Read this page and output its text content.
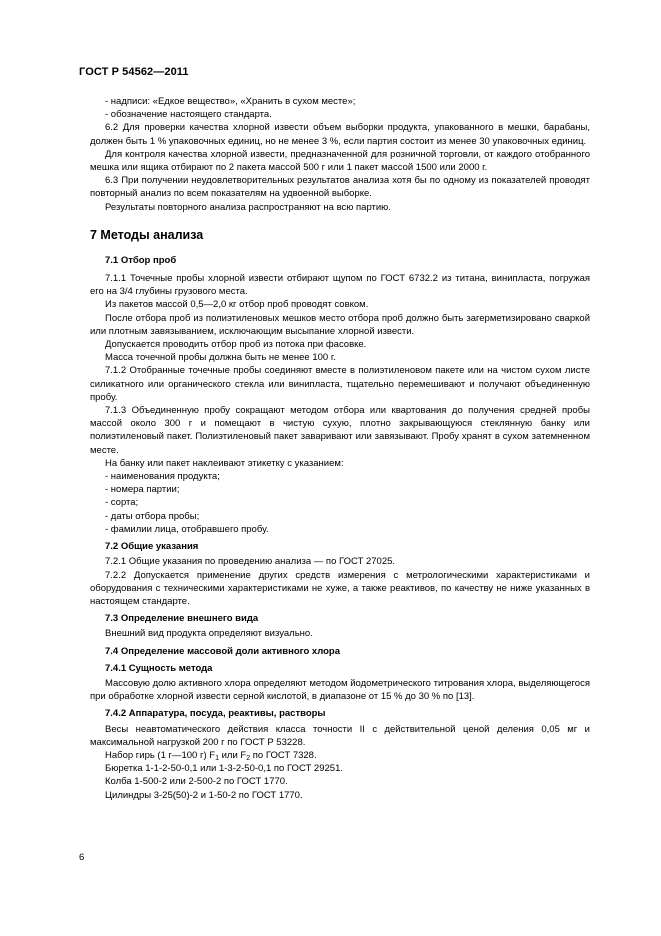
ГОСТ Р 54562—2011
- надписи: «Едкое вещество», «Хранить в сухом месте»;
- обозначение настоящего стандарта.
6.2 Для проверки качества хлорной извести объем выборки продукта, упакованного в мешки, барабаны, должен быть 1 % упаковочных единиц, но не менее 3 %, если партия состоит из менее 30 упаковочных единиц.
Для контроля качества хлорной извести, предназначенной для розничной торговли, от каждого отобранного мешка или ящика отбирают по 2 пакета массой 500 г или 1 пакет массой 1500 или 2000 г.
6.3 При получении неудовлетворительных результатов анализа хотя бы по одному из показателей проводят повторный анализ по всем показателям на удвоенной выборке.
Результаты повторного анализа распространяют на всю партию.
7 Методы анализа
7.1 Отбор проб
7.1.1 Точечные пробы хлорной извести отбирают щупом по ГОСТ 6732.2 из титана, винипласта, погружая его на 3/4 глубины грузового места.
Из пакетов массой 0,5—2,0 кг отбор проб проводят совком.
После отбора проб из полиэтиленовых мешков место отбора проб должно быть загерметизировано сваркой или плотным завязыванием, исключающим высыпание хлорной извести.
Допускается проводить отбор проб из потока при фасовке.
Масса точечной пробы должна быть не менее 100 г.
7.1.2 Отобранные точечные пробы соединяют вместе в полиэтиленовом пакете или на чистом сухом листе силикатного или органического стекла или винипласта, тщательно перемешивают и получают объединенную пробу.
7.1.3 Объединенную пробу сокращают методом отбора или квартования до получения средней пробы массой около 300 г и помещают в чистую сухую, плотно закрывающуюся стеклянную банку или полиэтиленовый пакет. Полиэтиленовый пакет заваривают или завязывают. Пробу хранят в сухом затемненном месте.
На банку или пакет наклеивают этикетку с указанием:
- наименования продукта;
- номера партии;
- сорта;
- даты отбора пробы;
- фамилии лица, отобравшего пробу.
7.2 Общие указания
7.2.1 Общие указания по проведению анализа — по ГОСТ 27025.
7.2.2 Допускается применение других средств измерения с метрологическими характеристиками и оборудования с техническими характеристиками не хуже, а также реактивов, по качеству не ниже указанных в настоящем стандарте.
7.3 Определение внешнего вида
Внешний вид продукта определяют визуально.
7.4 Определение массовой доли активного хлора
7.4.1 Сущность метода
Массовую долю активного хлора определяют методом йодометрического титрования хлора, выделяющегося при обработке хлорной извести серной кислотой, в диапазоне от 15 % до 30 % по [13].
7.4.2 Аппаратура, посуда, реактивы, растворы
Весы неавтоматического действия класса точности II с действительной ценой деления 0,05 мг и максимальной нагрузкой 200 г по ГОСТ Р 53228.
Набор гирь (1 г—100 г) $F_1$ или $F_2$ по ГОСТ 7328.
Бюретка 1-1-2-50-0,1 или 1-3-2-50-0,1 по ГОСТ 29251.
Колба 1-500-2 или 2-500-2 по ГОСТ 1770.
Цилиндры 3-25(50)-2 и 1-50-2 по ГОСТ 1770.
6
